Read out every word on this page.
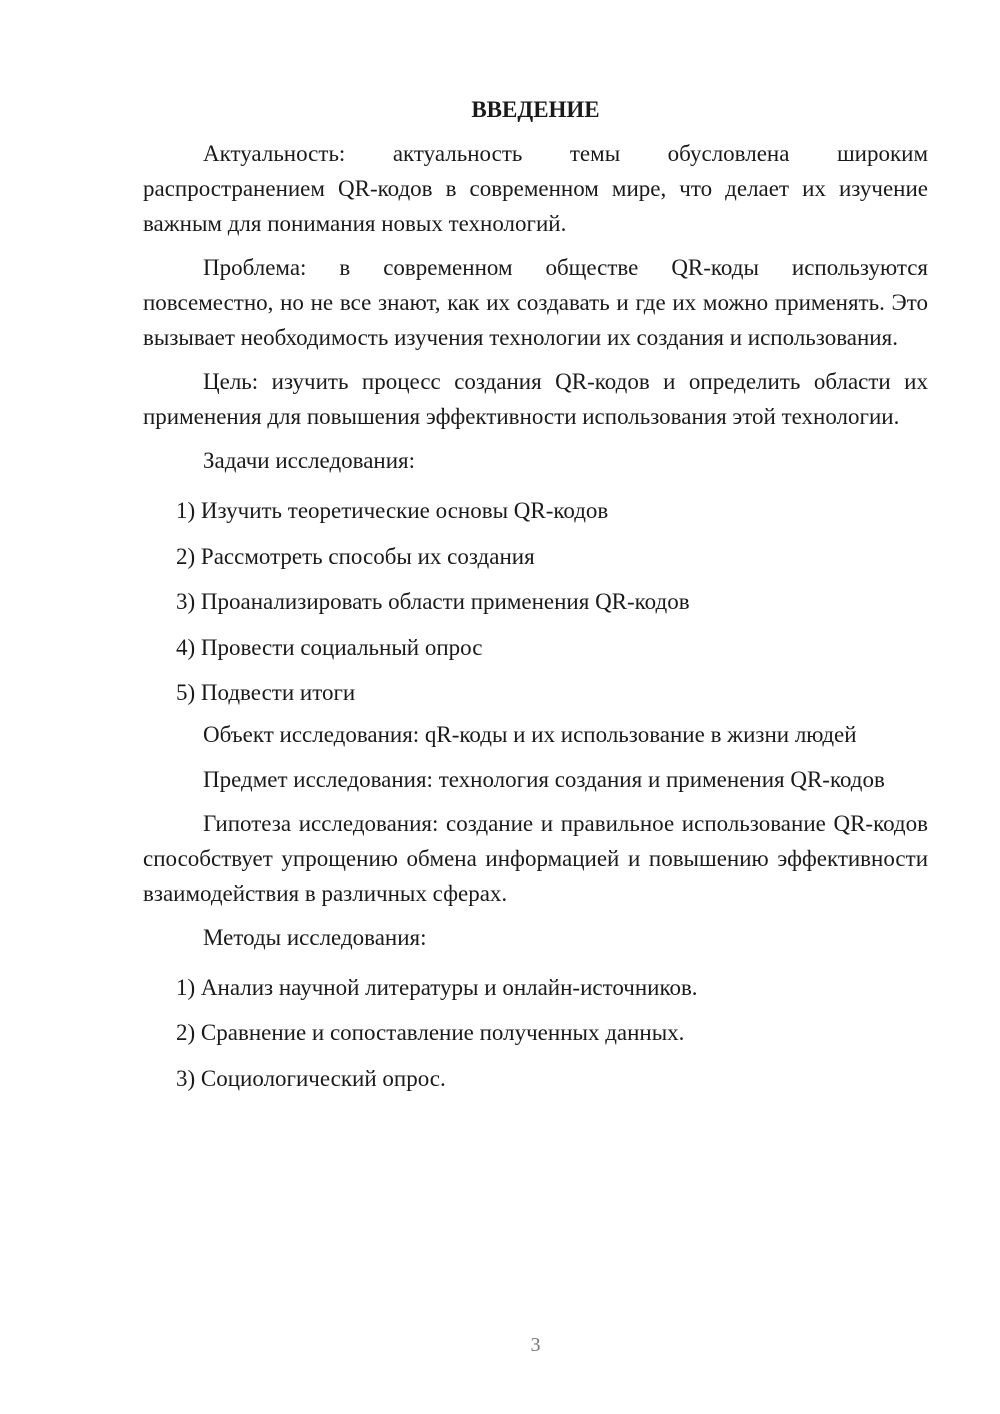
ВВЕДЕНИЕ

Актуальность: актуальность темы обусловлена широким распространением QR-кодов в современном мире, что делает их изучение важным для понимания новых технологий.

Проблема: в современном обществе QR-коды используются повсеместно, но не все знают, как их создавать и где их можно применять. Это вызывает необходимость изучения технологии их создания и использования.

Цель: изучить процесс создания QR-кодов и определить области их применения для повышения эффективности использования этой технологии.

Задачи исследования:

1) Изучить теоретические основы QR-кодов
2) Рассмотреть способы их создания
3) Проанализировать области применения QR-кодов
4) Провести социальный опрос
5) Подвести итоги

Объект исследования: qR-коды и их использование в жизни людей

Предмет исследования: технология создания и применения QR-кодов

Гипотеза исследования: создание и правильное использование QR-кодов способствует упрощению обмена информацией и повышению эффективности взаимодействия в различных сферах.

Методы исследования:

1) Анализ научной литературы и онлайн-источников.
2) Сравнение и сопоставление полученных данных.
3) Социологический опрос.
3
